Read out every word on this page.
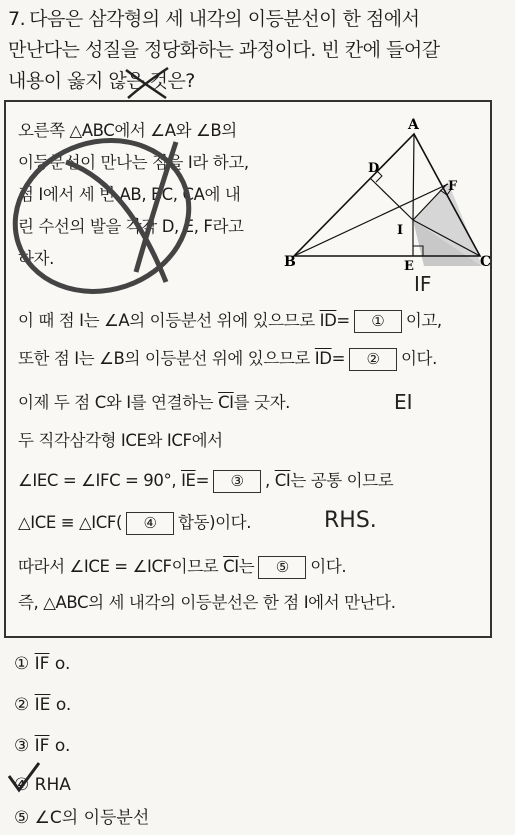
7. 다음은 삼각형의 세 내각의 이등분선이 한 점에서
만난다는 성질을 정당화하는 과정이다. 빈 칸에 들어갈
내용이 옳지 않은 것은?
오른쪽 △ABC에서 ∠A와 ∠B의
이등분선이 만나는 점을 I라 하고,
점 I에서 세 변 AB, BC, CA에 내
린 수선의 발을 각각 D, E, F라고
하자.
A
B	C
D
E
F
I
IF
이 때 점 I는 ∠A의 이등분선 위에 있으므로 $\overline{ID}=$ ① 이고,
또한 점 I는 ∠B의 이등분선 위에 있으므로 $\overline{ID}=$ ② 이다.
이제 두 점 C와 I를 연결하는 $\overline{CI}$를 긋자.	EI
두 직각삼각형 ICE와 ICF에서
∠IEC = ∠IFC = 90°, $\overline{IE}=$ ③ , $\overline{CI}$는 공통 이므로
△ICE ≡ △ICF( ④ 합동)이다.	RHS.
따라서 ∠ICE = ∠ICF이므로 $\overline{CI}$는 ⑤ 이다.
즉, △ABC의 세 내각의 이등분선은 한 점 I에서 만난다.
① $\overline{IF}$ o.
② $\overline{IE}$ o.
③ $\overline{IF}$ o.
④ RHA
⑤ ∠C의 이등분선
